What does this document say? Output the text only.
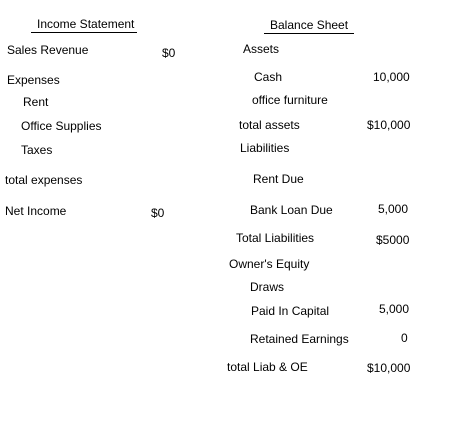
Income Statement
Sales Revenue	$0
Expenses
Rent
Office Supplies
Taxes
total expenses
Net Income	$0
Balance Sheet
Assets
Cash	10,000
office furniture
total assets	$10,000
Liabilities
Rent Due
Bank Loan Due	5,000
Total Liabilities	$5000
Owner's Equity
Draws
Paid In Capital	5,000
Retained Earnings	0
total Liab & OE	$10,000
